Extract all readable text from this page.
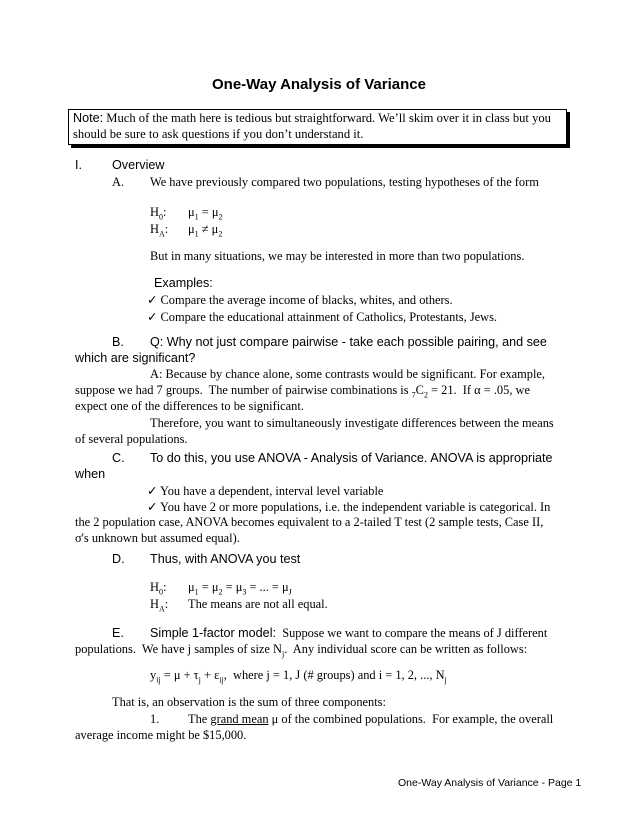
One-Way Analysis of Variance
Note: Much of the math here is tedious but straightforward. We’ll skim over it in class but you
should be sure to ask questions if you don’t understand it.
I. Overview
A. We have previously compared two populations, testing hypotheses of the form
$H_0$: $\mu_1 = \mu_2$
$H_A$: $\mu_1 \ne \mu_2$
But in many situations, we may be interested in more than two populations.
Examples:
✓ Compare the average income of blacks, whites, and others.
✓ Compare the educational attainment of Catholics, Protestants, Jews.
B. Q: Why not just compare pairwise - take each possible pairing, and see
which are significant?
A: Because by chance alone, some contrasts would be significant. For example,
suppose we had 7 groups.  The number of pairwise combinations is $_7C_2 = 21$.  If α = .05, we
expect one of the differences to be significant.
Therefore, you want to simultaneously investigate differences between the means
of several populations.
C. To do this, you use ANOVA - Analysis of Variance. ANOVA is appropriate
when
✓ You have a dependent, interval level variable
✓ You have 2 or more populations, i.e. the independent variable is categorical. In
the 2 population case, ANOVA becomes equivalent to a 2-tailed T test (2 sample tests, Case II,
σ's unknown but assumed equal).
D. Thus, with ANOVA you test
$H_0$: $\mu_1 = \mu_2 = \mu_3$ = ... = $\mu_J$
$H_A$: The means are not all equal.
E. Simple 1-factor model:  Suppose we want to compare the means of J different
populations.  We have j samples of size $N_j$.  Any individual score can be written as follows:
$y_{ij} = \mu + \tau_j + \varepsilon_{ij}$,  where j = 1, J (# groups) and i = 1, 2, ..., $N_j$
That is, an observation is the sum of three components:
1. The grand mean μ of the combined populations.  For example, the overall
average income might be $15,000.
One-Way Analysis of Variance - Page 1
